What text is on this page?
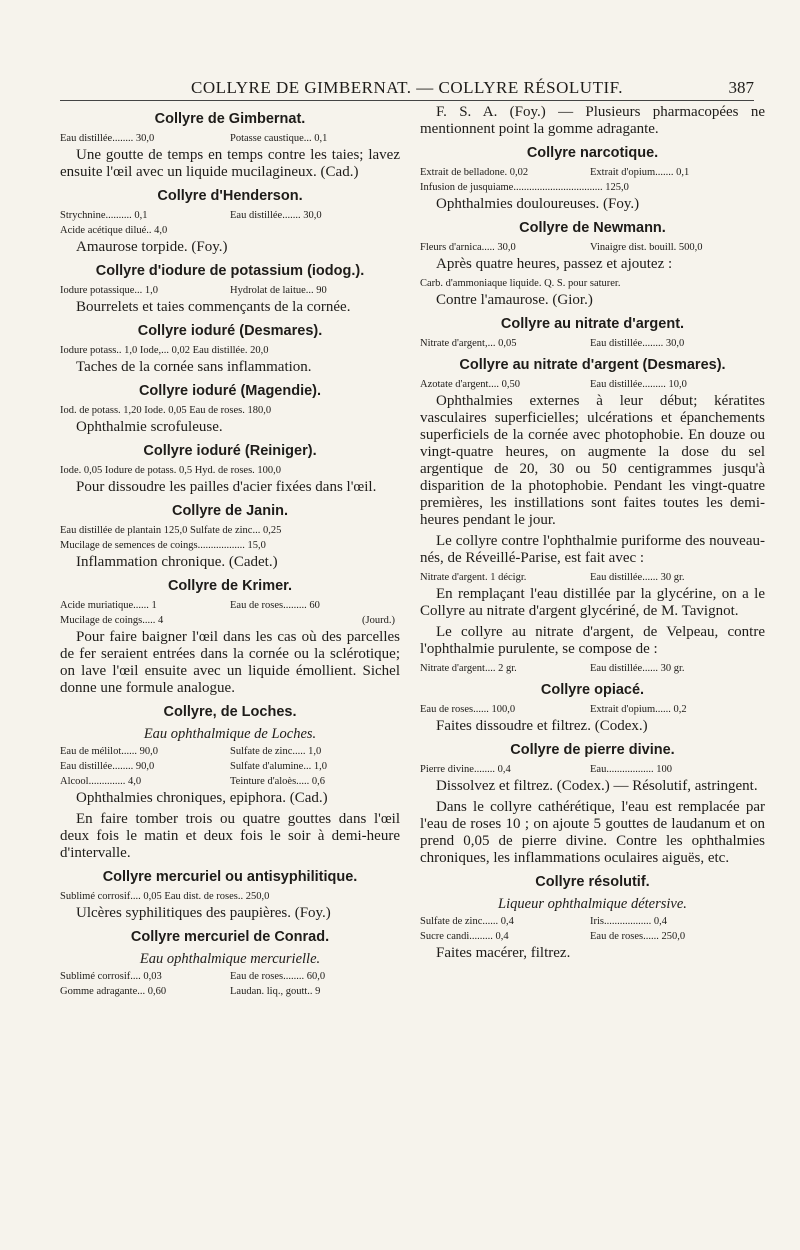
COLLYRE DE GIMBERNAT. — COLLYRE RÉSOLUTIF.	387
Collyre de Gimbernat.
Eau distillée........ 30,0	Potasse caustique... 0,1

Une goutte de temps en temps contre les taies; lavez ensuite l'œil avec un liquide mucilagineux. (Cad.)

Collyre d'Henderson.
Strychnine.......... 0,1	Eau distillée....... 30,0
Acide acétique dilué.. 4,0

Amaurose torpide. (Foy.)

Collyre d'iodure de potassium (iodog.).
Iodure potassique... 1,0	Hydrolat de laitue... 90

Bourrelets et taies commençants de la cornée.

Collyre ioduré (Desmares).
Iodure potass.. 1,0 Iode,... 0,02 Eau distillée. 20,0

Taches de la cornée sans inflammation.

Collyre ioduré (Magendie).
Iod. de potass. 1,20 Iode. 0,05 Eau de roses. 180,0

Ophthalmie scrofuleuse.

Collyre ioduré (Reiniger).
Iode. 0,05 Iodure de potass. 0,5 Hyd. de roses. 100,0

Pour dissoudre les pailles d'acier fixées dans l'œil.

Collyre de Janin.
Eau distillée de plantain 125,0 Sulfate de zinc... 0,25
Mucilage de semences de coings.................. 15,0

Inflammation chronique. (Cadet.)

Collyre de Krimer.
Acide muriatique...... 1	Eau de roses......... 60
Mucilage de coings..... 4	(Jourd.)

Pour faire baigner l'œil dans les cas où des parcelles de fer seraient entrées dans la cornée ou la sclérotique; on lave l'œil ensuite avec un liquide émollient. Sichel donne une formule analogue.

Collyre, de Loches.
Eau ophthalmique de Loches.
Eau de mélilot...... 90,0	Sulfate de zinc..... 1,0
Eau distillée........ 90,0	Sulfate d'alumine... 1,0
Alcool.............. 4,0	Teinture d'aloès..... 0,6

Ophthalmies chroniques, epiphora. (Cad.)

En faire tomber trois ou quatre gouttes dans l'œil deux fois le matin et deux fois le soir à demi-heure d'intervalle.

Collyre mercuriel ou antisyphilitique.
Sublimé corrosif.... 0,05 Eau dist. de roses.. 250,0

Ulcères syphilitiques des paupières. (Foy.)

Collyre mercuriel de Conrad.
Eau ophthalmique mercurielle.
Sublimé corrosif.... 0,03	Eau de roses........ 60,0
Gomme adragante... 0,60	Laudan. liq., goutt.. 9

F. S. A. (Foy.) — Plusieurs pharmacopées ne mentionnent point la gomme adragante.

Collyre narcotique.
Extrait de belladone. 0,02	Extrait d'opium....... 0,1
Infusion de jusquiame.................................. 125,0

Ophthalmies douloureuses. (Foy.)

Collyre de Newmann.
Fleurs d'arnica..... 30,0	Vinaigre dist. bouill. 500,0

Après quatre heures, passez et ajoutez :

Carb. d'ammoniaque liquide. Q. S. pour saturer.

Contre l'amaurose. (Gior.)

Collyre au nitrate d'argent.
Nitrate d'argent,... 0,05	Eau distillée........ 30,0
Collyre au nitrate d'argent (Desmares).
Azotate d'argent.... 0,50	Eau distillée......... 10,0

Ophthalmies externes à leur début; kératites vasculaires superficielles; ulcérations et épanchements superficiels de la cornée avec photophobie. En douze ou vingt-quatre heures, on augmente la dose du sel argentique de 20, 30 ou 50 centigrammes jusqu'à disparition de la photophobie. Pendant les vingt-quatre premières, les instillations sont faites toutes les demi-heures pendant le jour.

Le collyre contre l'ophthalmie puriforme des nouveau-nés, de Réveillé-Parise, est fait avec :

Nitrate d'argent. 1 décigr.	Eau distillée...... 30 gr.

En remplaçant l'eau distillée par la glycérine, on a le Collyre au nitrate d'argent glycériné, de M. Tavignot.

Le collyre au nitrate d'argent, de Velpeau, contre l'ophthalmie purulente, se compose de :

Nitrate d'argent.... 2 gr.	Eau distillée...... 30 gr.
Collyre opiacé.
Eau de roses...... 100,0	Extrait d'opium...... 0,2

Faites dissoudre et filtrez. (Codex.)

Collyre de pierre divine.
Pierre divine........ 0,4	Eau.................. 100

Dissolvez et filtrez. (Codex.) — Résolutif, astringent.

Dans le collyre cathérétique, l'eau est remplacée par l'eau de roses 10 ; on ajoute 5 gouttes de laudanum et on prend 0,05 de pierre divine. Contre les ophthalmies chroniques, les inflammations oculaires aiguës, etc.

Collyre résolutif.
Liqueur ophthalmique détersive.
Sulfate de zinc...... 0,4	Iris.................. 0,4
Sucre candi......... 0,4	Eau de roses...... 250,0

Faites macérer, filtrez.
